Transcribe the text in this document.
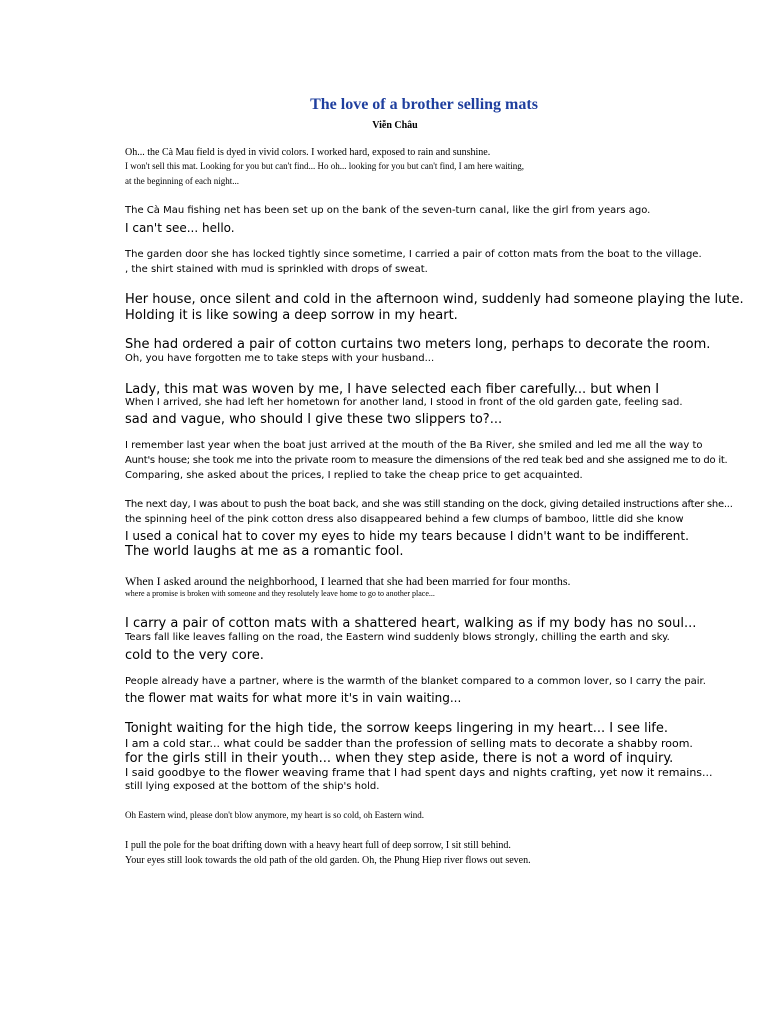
The love of a brother selling mats

Viễn Châu

Oh... the Cà Mau field is dyed in vivid colors. I worked hard, exposed to rain and sunshine.

I won't sell this mat. Looking for you but can't find... Ho oh... looking for you but can't find, I am here waiting,

at the beginning of each night...

The Cà Mau fishing net has been set up on the bank of the seven-turn canal, like the girl from years ago.

I can't see... hello.

The garden door she has locked tightly since sometime, I carried a pair of cotton mats from the boat to the village.

, the shirt stained with mud is sprinkled with drops of sweat.

Her house, once silent and cold in the afternoon wind, suddenly had someone playing the lute.

Holding it is like sowing a deep sorrow in my heart.

She had ordered a pair of cotton curtains two meters long, perhaps to decorate the room.

Oh, you have forgotten me to take steps with your husband...

Lady, this mat was woven by me, I have selected each fiber carefully... but when I

When I arrived, she had left her hometown for another land, I stood in front of the old garden gate, feeling sad.

sad and vague, who should I give these two slippers to?...

I remember last year when the boat just arrived at the mouth of the Ba River, she smiled and led me all the way to

Aunt's house; she took me into the private room to measure the dimensions of the red teak bed and she assigned me to do it.

Comparing, she asked about the prices, I replied to take the cheap price to get acquainted.

The next day, I was about to push the boat back, and she was still standing on the dock, giving detailed instructions after she...

the spinning heel of the pink cotton dress also disappeared behind a few clumps of bamboo, little did she know

I used a conical hat to cover my eyes to hide my tears because I didn't want to be indifferent.

The world laughs at me as a romantic fool.

When I asked around the neighborhood, I learned that she had been married for four months.

where a promise is broken with someone and they resolutely leave home to go to another place...

I carry a pair of cotton mats with a shattered heart, walking as if my body has no soul...

Tears fall like leaves falling on the road, the Eastern wind suddenly blows strongly, chilling the earth and sky.

cold to the very core.

People already have a partner, where is the warmth of the blanket compared to a common lover, so I carry the pair.

the flower mat waits for what more it's in vain waiting...

Tonight waiting for the high tide, the sorrow keeps lingering in my heart... I see life.

I am a cold star... what could be sadder than the profession of selling mats to decorate a shabby room.

for the girls still in their youth... when they step aside, there is not a word of inquiry.

I said goodbye to the flower weaving frame that I had spent days and nights crafting, yet now it remains...

still lying exposed at the bottom of the ship's hold.

Oh Eastern wind, please don't blow anymore, my heart is so cold, oh Eastern wind.

I pull the pole for the boat drifting down with a heavy heart full of deep sorrow, I sit still behind.

Your eyes still look towards the old path of the old garden. Oh, the Phung Hiep river flows out seven.
